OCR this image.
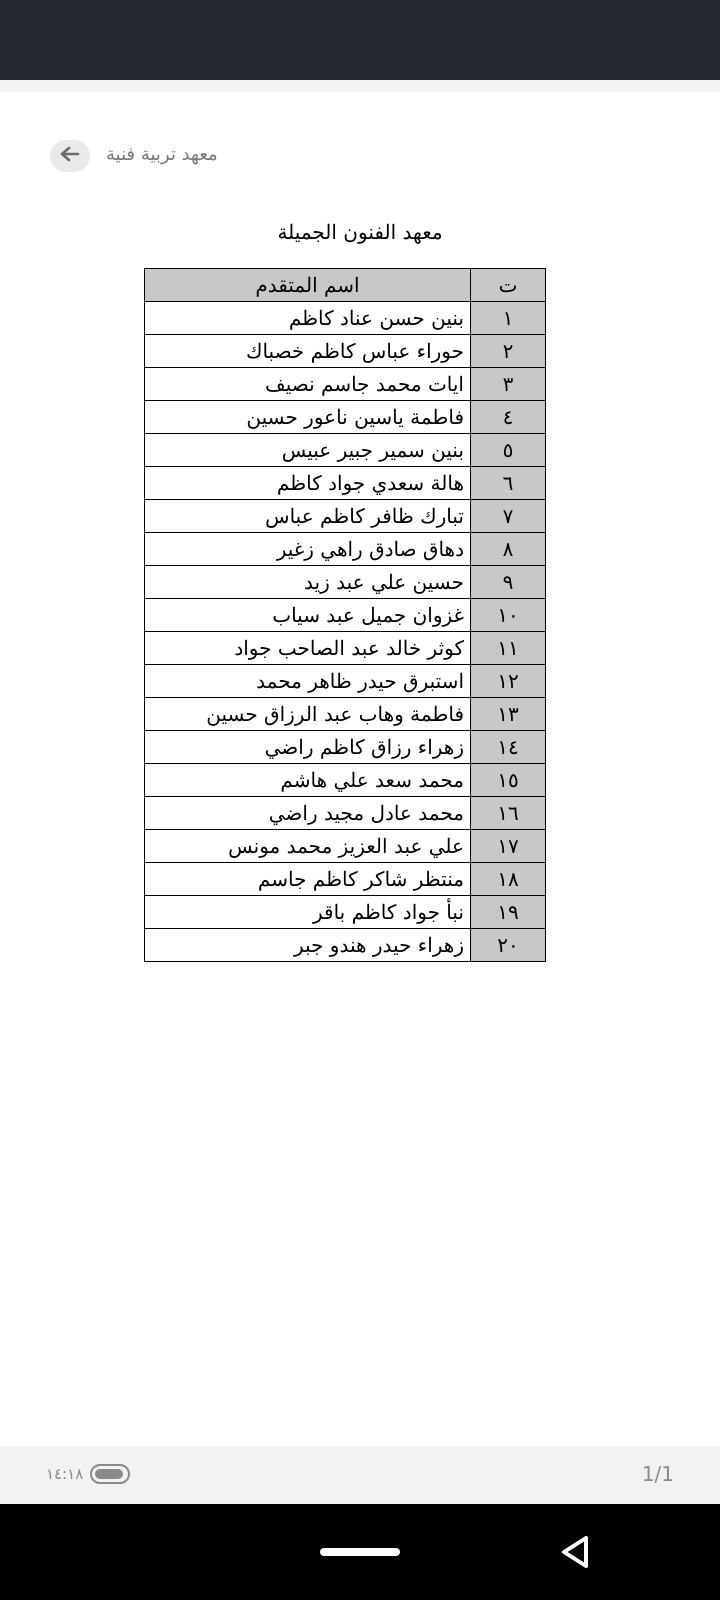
معهد تربية فنية
معهد الفنون الجميلة
ت	اسم المتقدم
١	بنين حسن عناد كاظم
٢	حوراء عباس كاظم خصباك
٣	ايات محمد جاسم نصيف
٤	فاطمة ياسين ناعور حسين
٥	بنين سمير جبير عبيس
٦	هالة سعدي جواد كاظم
٧	تبارك ظافر كاظم عباس
٨	دهاق صادق راهي زغير
٩	حسين علي عبد زيد
١٠	غزوان جميل عبد سياب
١١	كوثر خالد عبد الصاحب جواد
١٢	استبرق حيدر ظاهر محمد
١٣	فاطمة وهاب عبد الرزاق حسين
١٤	زهراء رزاق كاظم راضي
١٥	محمد سعد علي هاشم
١٦	محمد عادل مجيد راضي
١٧	علي عبد العزيز محمد مونس
١٨	منتظر شاكر كاظم جاسم
١٩	نبأ جواد كاظم باقر
٢٠	زهراء حيدر هندو جبر
١٤:١٨	1/1
